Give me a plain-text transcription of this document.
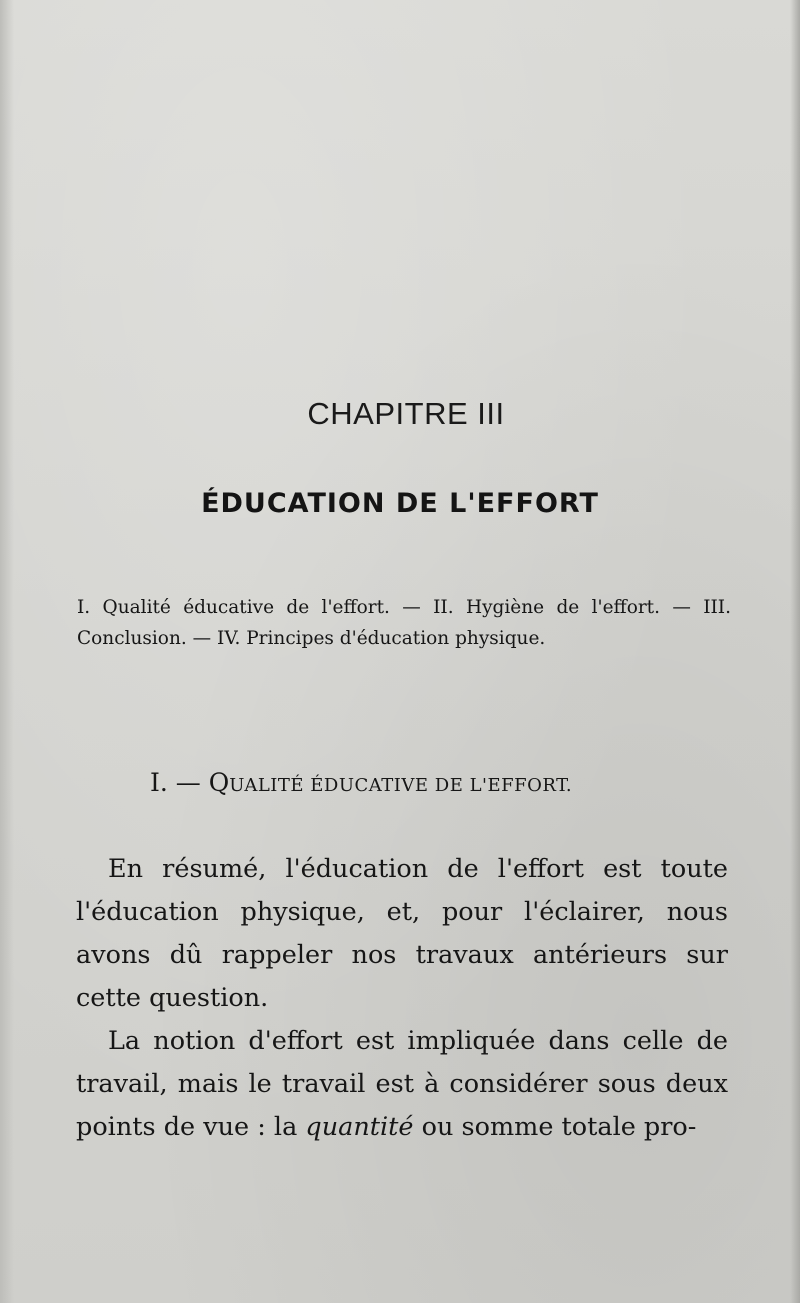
CHAPITRE III
ÉDUCATION DE L'EFFORT
I. Qualité éducative de l'effort. — II. Hygiène de l'effort. — III. Conclusion. — IV. Principes d'éducation physique.
I. — QUALITÉ ÉDUCATIVE DE L'EFFORT.

En résumé, l'éducation de l'effort est toute l'éducation physique, et, pour l'éclairer, nous avons dû rappeler nos travaux antérieurs sur cette question.

La notion d'effort est impliquée dans celle de travail, mais le travail est à considérer sous deux points de vue : la quantité ou somme totale pro-
